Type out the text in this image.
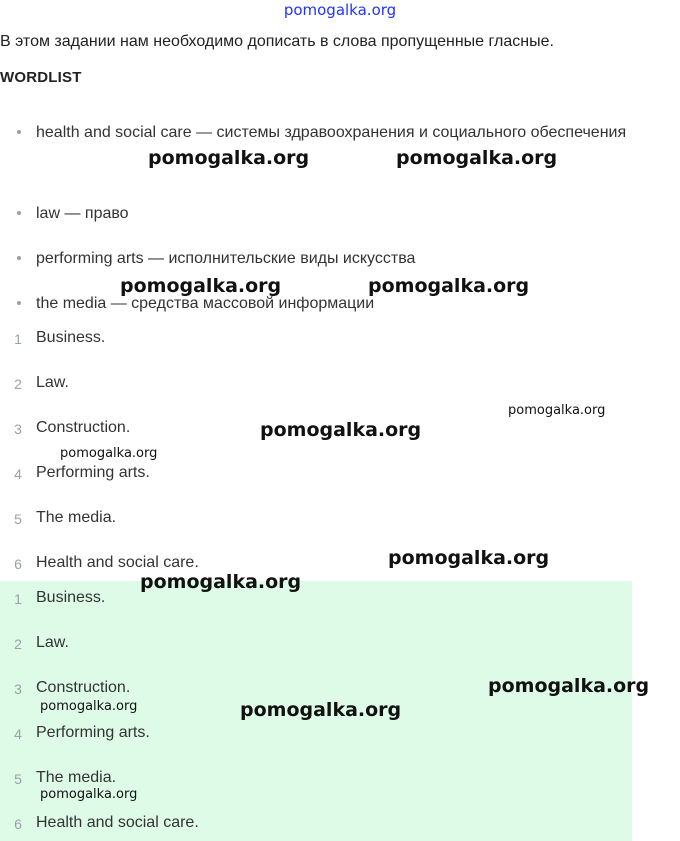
pomogalka.org
В этом задании нам необходимо дописать в слова пропущенные гласные.
WORDLIST
health and social care — системы здравоохранения и социального обеспечения
law — право
performing arts — исполнительские виды искусства
the media — средства массовой информации
1 Business.
2 Law.
3 Construction.
4 Performing arts.
5 The media.
6 Health and social care.
1 Business.
2 Law.
3 Construction.
4 Performing arts.
5 The media.
6 Health and social care.
pomogalka.org	pomogalka.org
pomogalka.org	pomogalka.org
pomogalka.org
pomogalka.org
pomogalka.org
pomogalka.org
pomogalka.org
pomogalka.org
pomogalka.org	pomogalka.org
pomogalka.org
